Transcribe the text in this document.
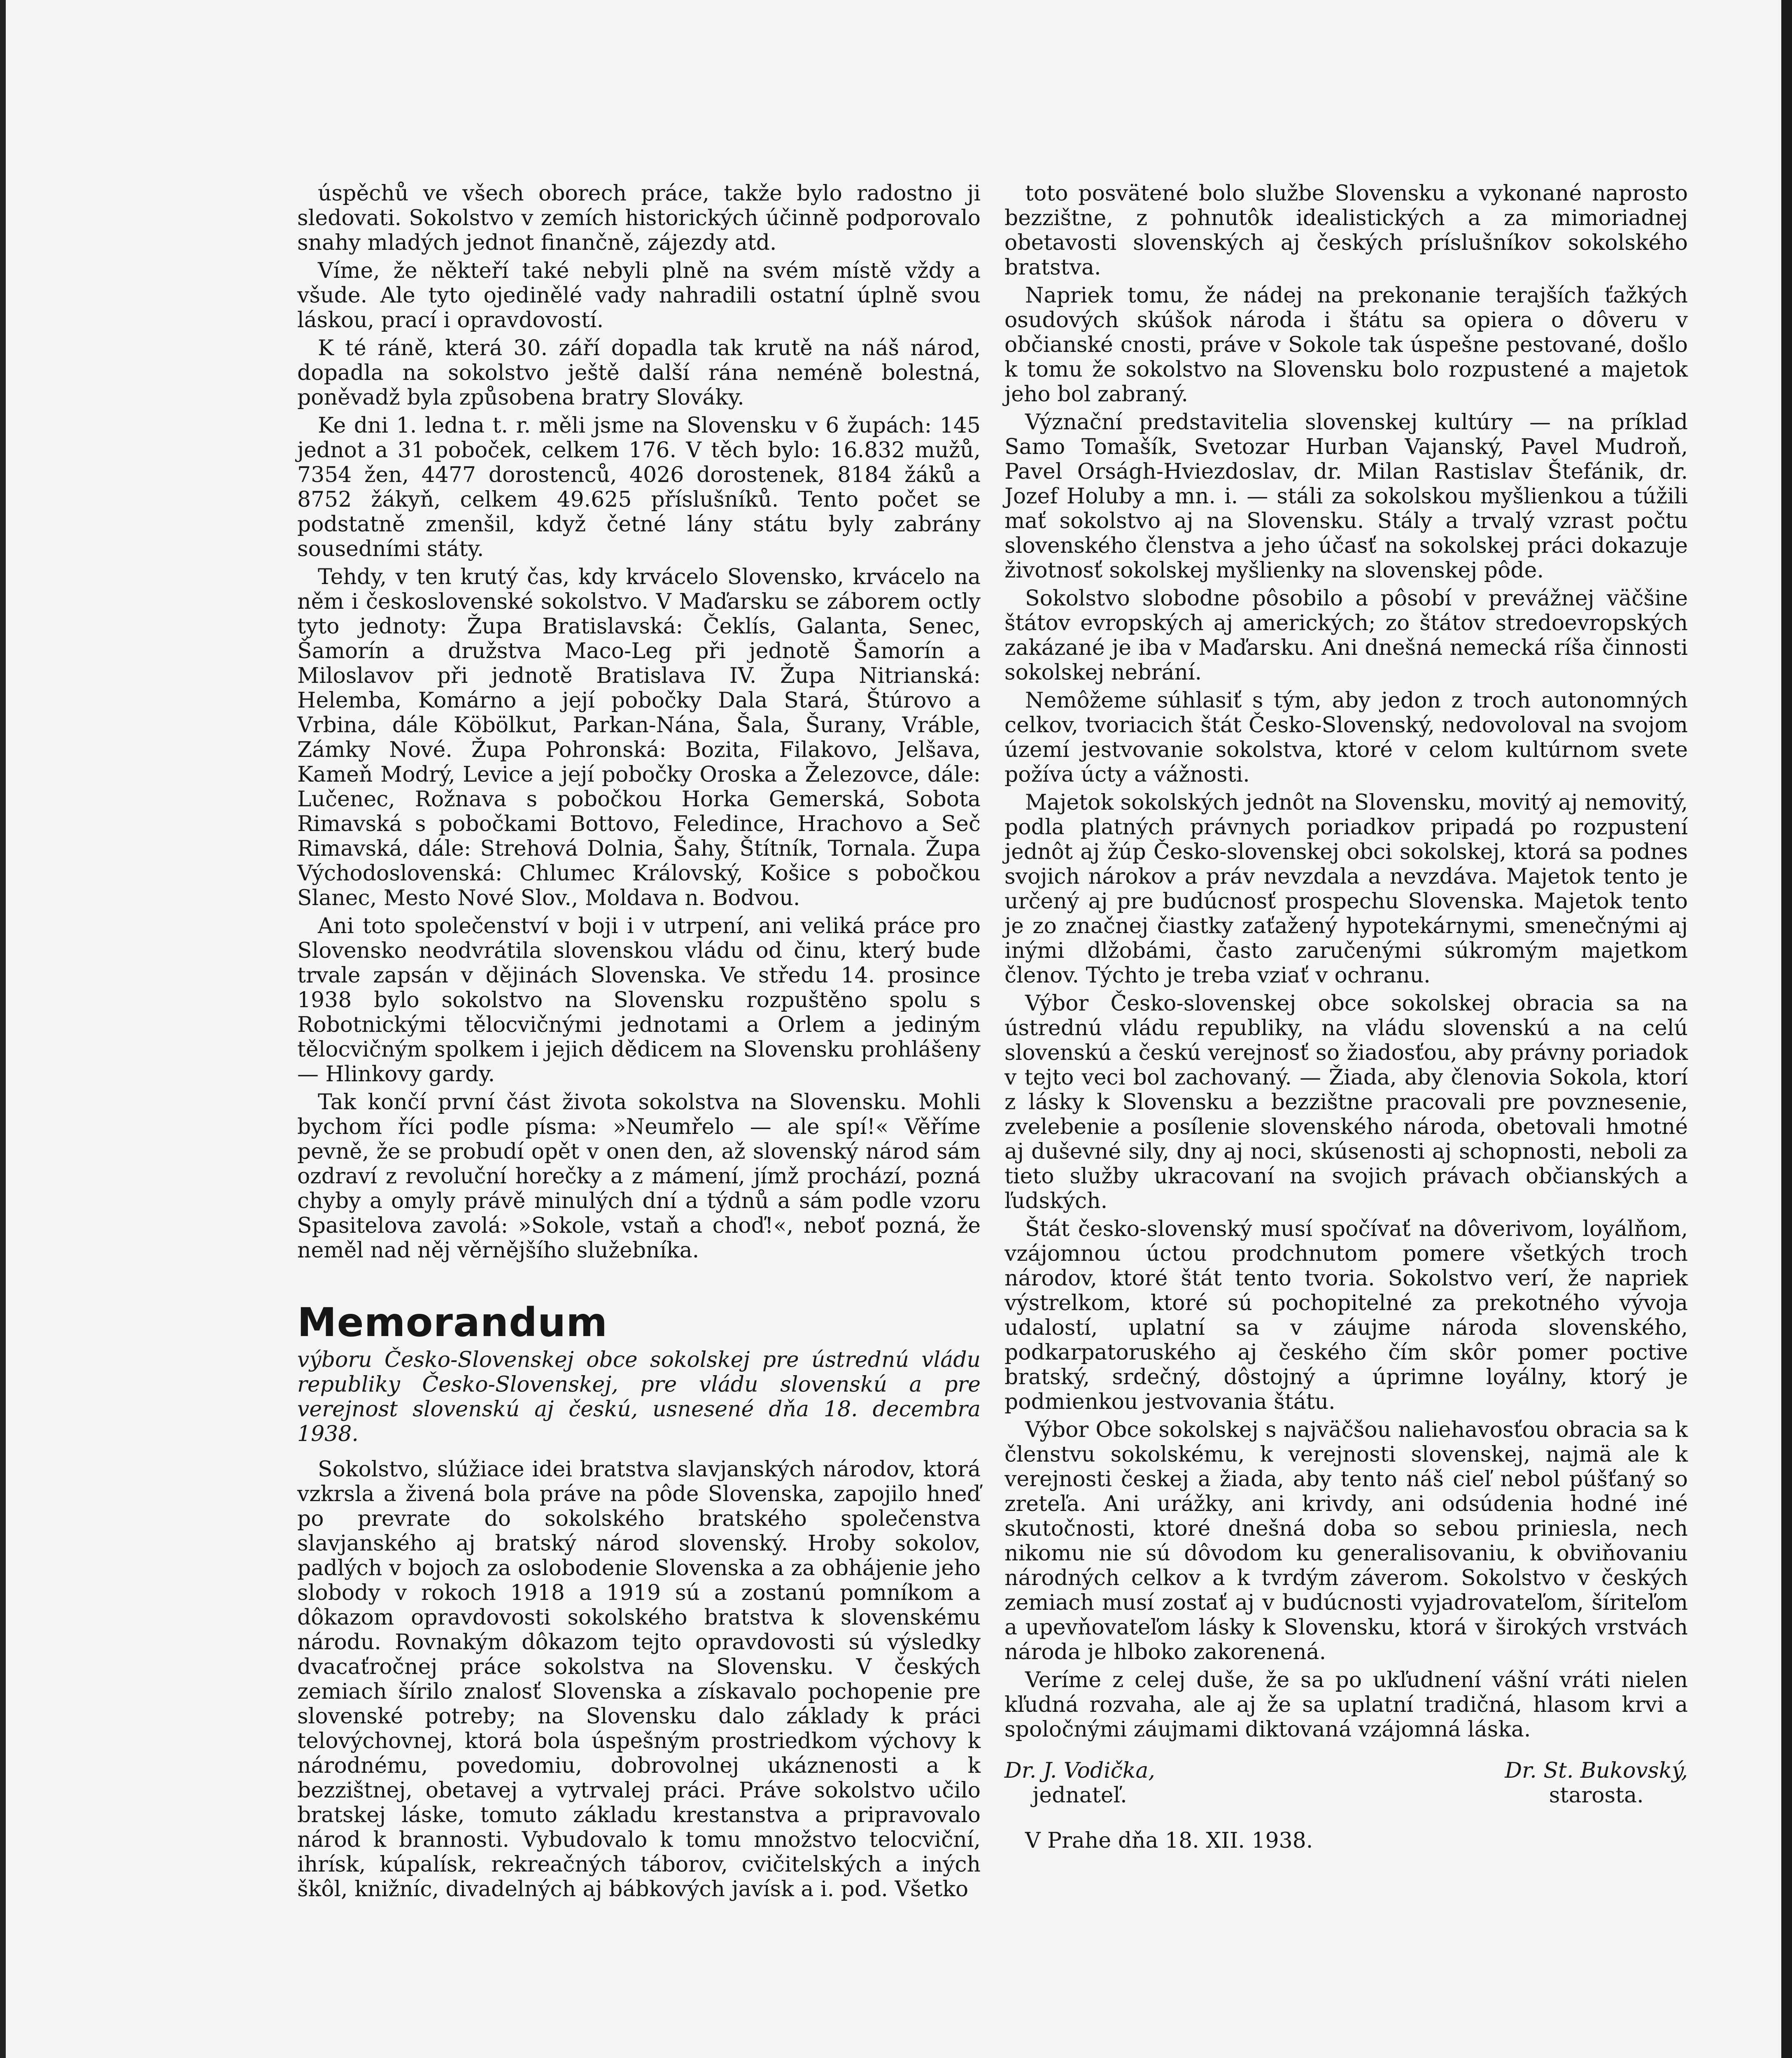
úspěchů ve všech oborech práce, takže bylo radostno ji sledovati. Sokolstvo v zemích historických účinně podporovalo snahy mladých jednot finančně, zájezdy atd.

Víme, že někteří také nebyli plně na svém místě vždy a všude. Ale tyto ojedinělé vady nahradili ostatní úplně svou láskou, prací i opravdovostí.

K té ráně, která 30. září dopadla tak krutě na náš národ, dopadla na sokolstvo ještě další rána neméně bolestná, poněvadž byla způsobena bratry Slováky.

Ke dni 1. ledna t. r. měli jsme na Slovensku v 6 župách: 145 jednot a 31 poboček, celkem 176. V těch bylo: 16.832 mužů, 7354 žen, 4477 dorostenců, 4026 dorostenek, 8184 žáků a 8752 žákyň, celkem 49.625 příslušníků. Tento počet se podstatně zmenšil, když četné lány státu byly zabrány sousedními státy.

Tehdy, v ten krutý čas, kdy krvácelo Slovensko, krvácelo na něm i československé sokolstvo. V Maďarsku se záborem octly tyto jednoty: Župa Bratislavská: Čeklís, Galanta, Senec, Šamorín a družstva Maco-Leg při jednotě Šamorín a Miloslavov při jednotě Bratislava IV. Župa Nitrianská: Helemba, Komárno a její pobočky Dala Stará, Štúrovo a Vrbina, dále Köbölkut, Parkan-Nána, Šala, Šurany, Vráble, Zámky Nové. Župa Pohronská: Bozita, Filakovo, Jelšava, Kameň Modrý, Levice a její pobočky Oroska a Železovce, dále: Lučenec, Rožnava s pobočkou Horka Gemerská, Sobota Rimavská s pobočkami Bottovo, Feledince, Hrachovo a Seč Rimavská, dále: Strehová Dolnia, Šahy, Štítník, Tornala. Župa Východoslovenská: Chlumec Královský, Košice s pobočkou Slanec, Mesto Nové Slov., Moldava n. Bodvou.

Ani toto společenství v boji i v utrpení, ani veliká práce pro Slovensko neodvrátila slovenskou vládu od činu, který bude trvale zapsán v dějinách Slovenska. Ve středu 14. prosince 1938 bylo sokolstvo na Slovensku rozpuštěno spolu s Robotnickými tělocvičnými jednotami a Orlem a jediným tělocvičným spolkem i jejich dědicem na Slovensku prohlášeny — Hlinkovy gardy.

Tak končí první část života sokolstva na Slovensku. Mohli bychom říci podle písma: »Neumřelo — ale spí!« Věříme pevně, že se probudí opět v onen den, až slovenský národ sám ozdraví z revoluční horečky a z mámení, jímž prochází, pozná chyby a omyly právě minulých dní a týdnů a sám podle vzoru Spasitelova zavolá: »Sokole, vstaň a choď!«, neboť pozná, že neměl nad něj věrnějšího služebníka.

Memorandum

výboru Česko-Slovenskej obce sokolskej pre ústrednú vládu republiky Česko-Slovenskej, pre vládu slovenskú a pre verejnost slovenskú aj českú, usnesené dňa 18. decembra 1938.

Sokolstvo, slúžiace idei bratstva slavjanských národov, ktorá vzkrsla a živená bola práve na pôde Slovenska, zapojilo hneď po prevrate do sokolského bratského společenstva slavjanského aj bratský národ slovenský. Hroby sokolov, padlých v bojoch za oslobodenie Slovenska a za obhájenie jeho slobody v rokoch 1918 a 1919 sú a zostanú pomníkom a dôkazom opravdovosti sokolského bratstva k slovenskému národu. Rovnakým dôkazom tejto opravdovosti sú výsledky dvacaťročnej práce sokolstva na Slovensku. V českých zemiach šírilo znalosť Slovenska a získavalo pochopenie pre slovenské potreby; na Slovensku dalo základy k práci telovýchovnej, ktorá bola úspešným prostriedkom výchovy k národnému, povedomiu, dobrovolnej ukáznenosti a k bezzištnej, obetavej a vytrvalej práci. Práve sokolstvo učilo bratskej láske, tomuto základu krestanstva a pripravovalo národ k brannosti. Vybudovalo k tomu množstvo telocviční, ihrísk, kúpalísk, rekreačných táborov, cvičitelských a iných škôl, knižníc, divadelných aj bábkových javísk a i. pod. Všetko

toto posvätené bolo službe Slovensku a vykonané naprosto bezzištne, z pohnutôk idealistických a za mimoriadnej obetavosti slovenských aj českých príslušníkov sokolského bratstva.

Napriek tomu, že nádej na prekonanie terajších ťažkých osudových skúšok národa i štátu sa opiera o dôveru v občianské cnosti, práve v Sokole tak úspešne pestované, došlo k tomu že sokolstvo na Slovensku bolo rozpustené a majetok jeho bol zabraný.

Význační predstavitelia slovenskej kultúry — na príklad Samo Tomašík, Svetozar Hurban Vajanský, Pavel Mudroň, Pavel Orságh-Hviezdoslav, dr. Milan Rastislav Štefánik, dr. Jozef Holuby a mn. i. — stáli za sokolskou myšlienkou a túžili mať sokolstvo aj na Slovensku. Stály a trvalý vzrast počtu slovenského členstva a jeho účasť na sokolskej práci dokazuje životnosť sokolskej myšlienky na slovenskej pôde.

Sokolstvo slobodne pôsobilo a pôsobí v prevážnej väčšine štátov evropských aj amerických; zo štátov stredoevropských zakázané je iba v Maďarsku. Ani dnešná nemecká ríša činnosti sokolskej nebrání.

Nemôžeme súhlasiť s tým, aby jedon z troch autonomných celkov, tvoriacich štát Česko-Slovenský, nedovoloval na svojom území jestvovanie sokolstva, ktoré v celom kultúrnom svete požíva úcty a vážnosti.

Majetok sokolských jednôt na Slovensku, movitý aj nemovitý, podla platných právnych poriadkov pripadá po rozpustení jednôt aj žúp Česko-slovenskej obci sokolskej, ktorá sa podnes svojich nárokov a práv nevzdala a nevzdáva. Majetok tento je určený aj pre budúcnosť prospechu Slovenska. Majetok tento je zo značnej čiastky zaťažený hypotekárnymi, smenečnými aj inými dlžobámi, často zaručenými súkromým majetkom členov. Týchto je treba vziať v ochranu.

Výbor Česko-slovenskej obce sokolskej obracia sa na ústrednú vládu republiky, na vládu slovenskú a na celú slovenskú a českú verejnosť so žiadosťou, aby právny poriadok v tejto veci bol zachovaný. — Žiada, aby členovia Sokola, ktorí z lásky k Slovensku a bezzištne pracovali pre povznesenie, zvelebenie a posílenie slovenského národa, obetovali hmotné aj duševné sily, dny aj noci, skúsenosti aj schopnosti, neboli za tieto služby ukracovaní na svojich právach občianských a ľudských.

Štát česko-slovenský musí spočívať na dôverivom, loyálňom, vzájomnou úctou prodchnutom pomere všetkých troch národov, ktoré štát tento tvoria. Sokolstvo verí, že napriek výstrelkom, ktoré sú pochopitelné za prekotného vývoja udalostí, uplatní sa v záujme národa slovenského, podkarpatoruského aj českého čím skôr pomer poctive bratský, srdečný, dôstojný a úprimne loyálny, ktorý je podmienkou jestvovania štátu.

Výbor Obce sokolskej s najväčšou naliehavosťou obracia sa k členstvu sokolskému, k verejnosti slovenskej, najmä ale k verejnosti českej a žiada, aby tento náš cieľ nebol púšťaný so zreteľa. Ani urážky, ani krivdy, ani odsúdenia hodné iné skutočnosti, ktoré dnešná doba so sebou priniesla, nech nikomu nie sú dôvodom ku generalisovaniu, k obviňovaniu národných celkov a k tvrdým záverom. Sokolstvo v českých zemiach musí zostať aj v budúcnosti vyjadrovateľom, šíriteľom a upevňovateľom lásky k Slovensku, ktorá v širokých vrstvách národa je hlboko zakorenená.

Veríme z celej duše, že sa po ukľudnení vášní vráti nielen kľudná rozvaha, ale aj že sa uplatní tradičná, hlasom krvi a spoločnými záujmami diktovaná vzájomná láska.

Dr. J. Vodička,
jednateľ.
Dr. St. Bukovský,
starosta.

V Prahe dňa 18. XII. 1938.
